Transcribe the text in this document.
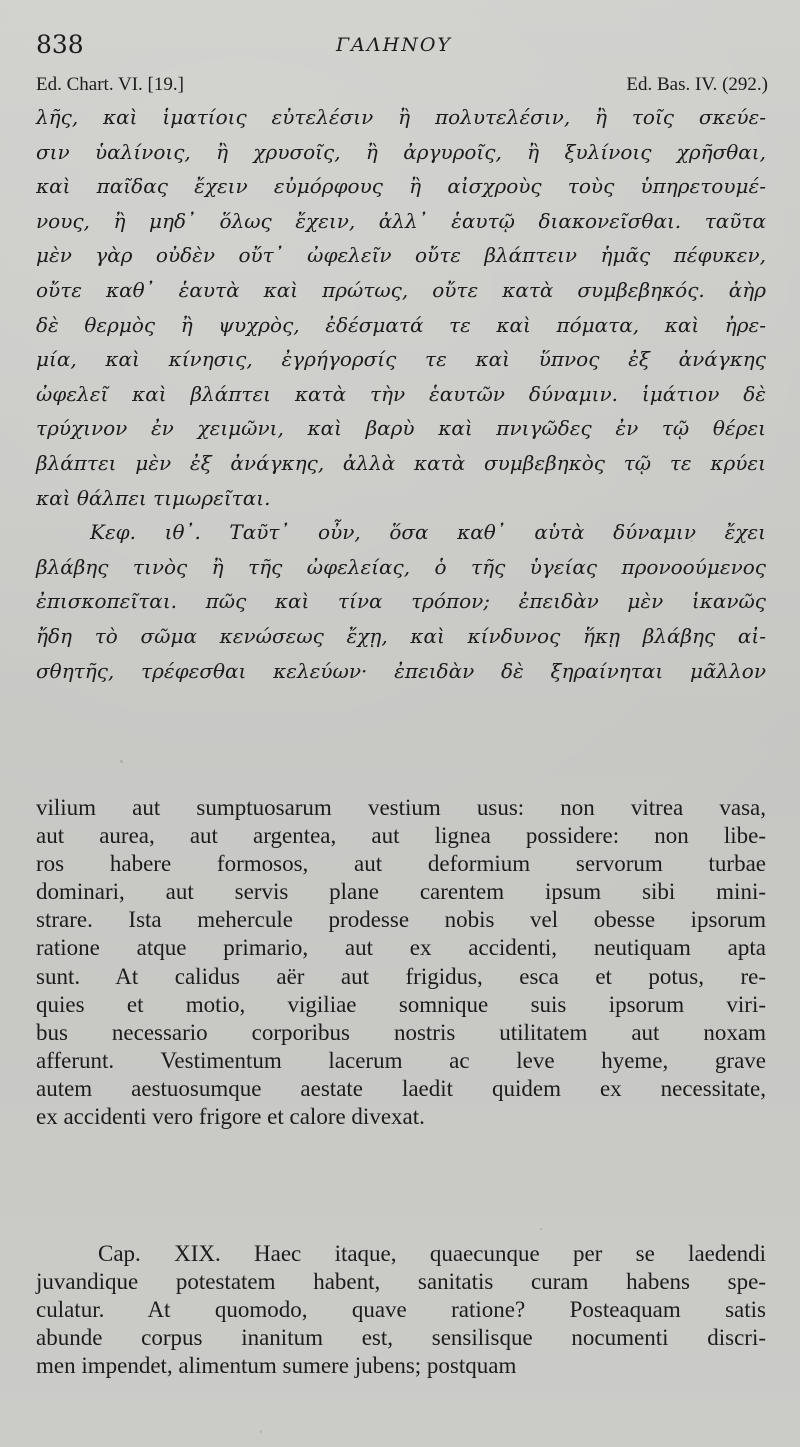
838	ΓΑΛΗΝΟΥ
Ed. Chart. VI. [19.]	Ed. Bas. IV. (292.)
λῆς, καὶ ἱματίοις εὐτελέσιν ἢ πολυτελέσιν, ἢ τοῖς σκεύε-
σιν ὑαλίνοις, ἢ χρυσοῖς, ἢ ἀργυροῖς, ἢ ξυλίνοις χρῆσθαι,
καὶ παῖδας ἔχειν εὐμόρφους ἢ αἰσχροὺς τοὺς ὑπηρετουμέ-
νους, ἢ μηδ᾽ ὅλως ἔχειν, ἀλλ᾽ ἑαυτῷ διακονεῖσθαι. ταῦτα
μὲν γὰρ οὐδὲν οὔτ᾽ ὠφελεῖν οὔτε βλάπτειν ἡμᾶς πέφυκεν,
οὔτε καθ᾽ ἑαυτὰ καὶ πρώτως, οὔτε κατὰ συμβεβηκός. ἀὴρ
δὲ θερμὸς ἢ ψυχρὸς, ἐδέσματά τε καὶ πόματα, καὶ ἠρε-
μία, καὶ κίνησις, ἐγρήγορσίς τε καὶ ὕπνος ἐξ ἀνάγκης
ὠφελεῖ καὶ βλάπτει κατὰ τὴν ἑαυτῶν δύναμιν. ἱμάτιον δὲ
τρύχινον ἐν χειμῶνι, καὶ βαρὺ καὶ πνιγῶδες ἐν τῷ θέρει
βλάπτει μὲν ἐξ ἀνάγκης, ἀλλὰ κατὰ συμβεβηκὸς τῷ τε κρύει
καὶ θάλπει τιμωρεῖται.
Κεφ. ιθ᾽. Ταῦτ᾽ οὖν, ὅσα καθ᾽ αὑτὰ δύναμιν ἔχει
βλάβης τινὸς ἢ τῆς ὠφελείας, ὁ τῆς ὑγείας προνοούμενος
ἐπισκοπεῖται. πῶς καὶ τίνα τρόπον; ἐπειδὰν μὲν ἱκανῶς
ἤδη τὸ σῶμα κενώσεως ἔχῃ, καὶ κίνδυνος ἥκῃ βλάβης αἰ-
σθητῆς, τρέφεσθαι κελεύων· ἐπειδὰν δὲ ξηραίνηται μᾶλλον
vilium aut sumptuosarum vestium usus: non vitrea vasa,
aut aurea, aut argentea, aut lignea possidere: non libe-
ros habere formosos, aut deformium servorum turbae
dominari, aut servis plane carentem ipsum sibi mini-
strare. Ista mehercule prodesse nobis vel obesse ipsorum
ratione atque primario, aut ex accidenti, neutiquam apta
sunt. At calidus aër aut frigidus, esca et potus, re-
quies et motio, vigiliae somnique suis ipsorum viri-
bus necessario corporibus nostris utilitatem aut noxam
afferunt. Vestimentum lacerum ac leve hyeme, grave
autem aestuosumque aestate laedit quidem ex necessitate,
ex accidenti vero frigore et calore divexat.
Cap. XIX. Haec itaque, quaecunque per se laedendi
juvandique potestatem habent, sanitatis curam habens spe-
culatur. At quomodo, quave ratione? Posteaquam satis
abunde corpus inanitum est, sensilisque nocumenti discri-
men impendet, alimentum sumere jubens; postquam
